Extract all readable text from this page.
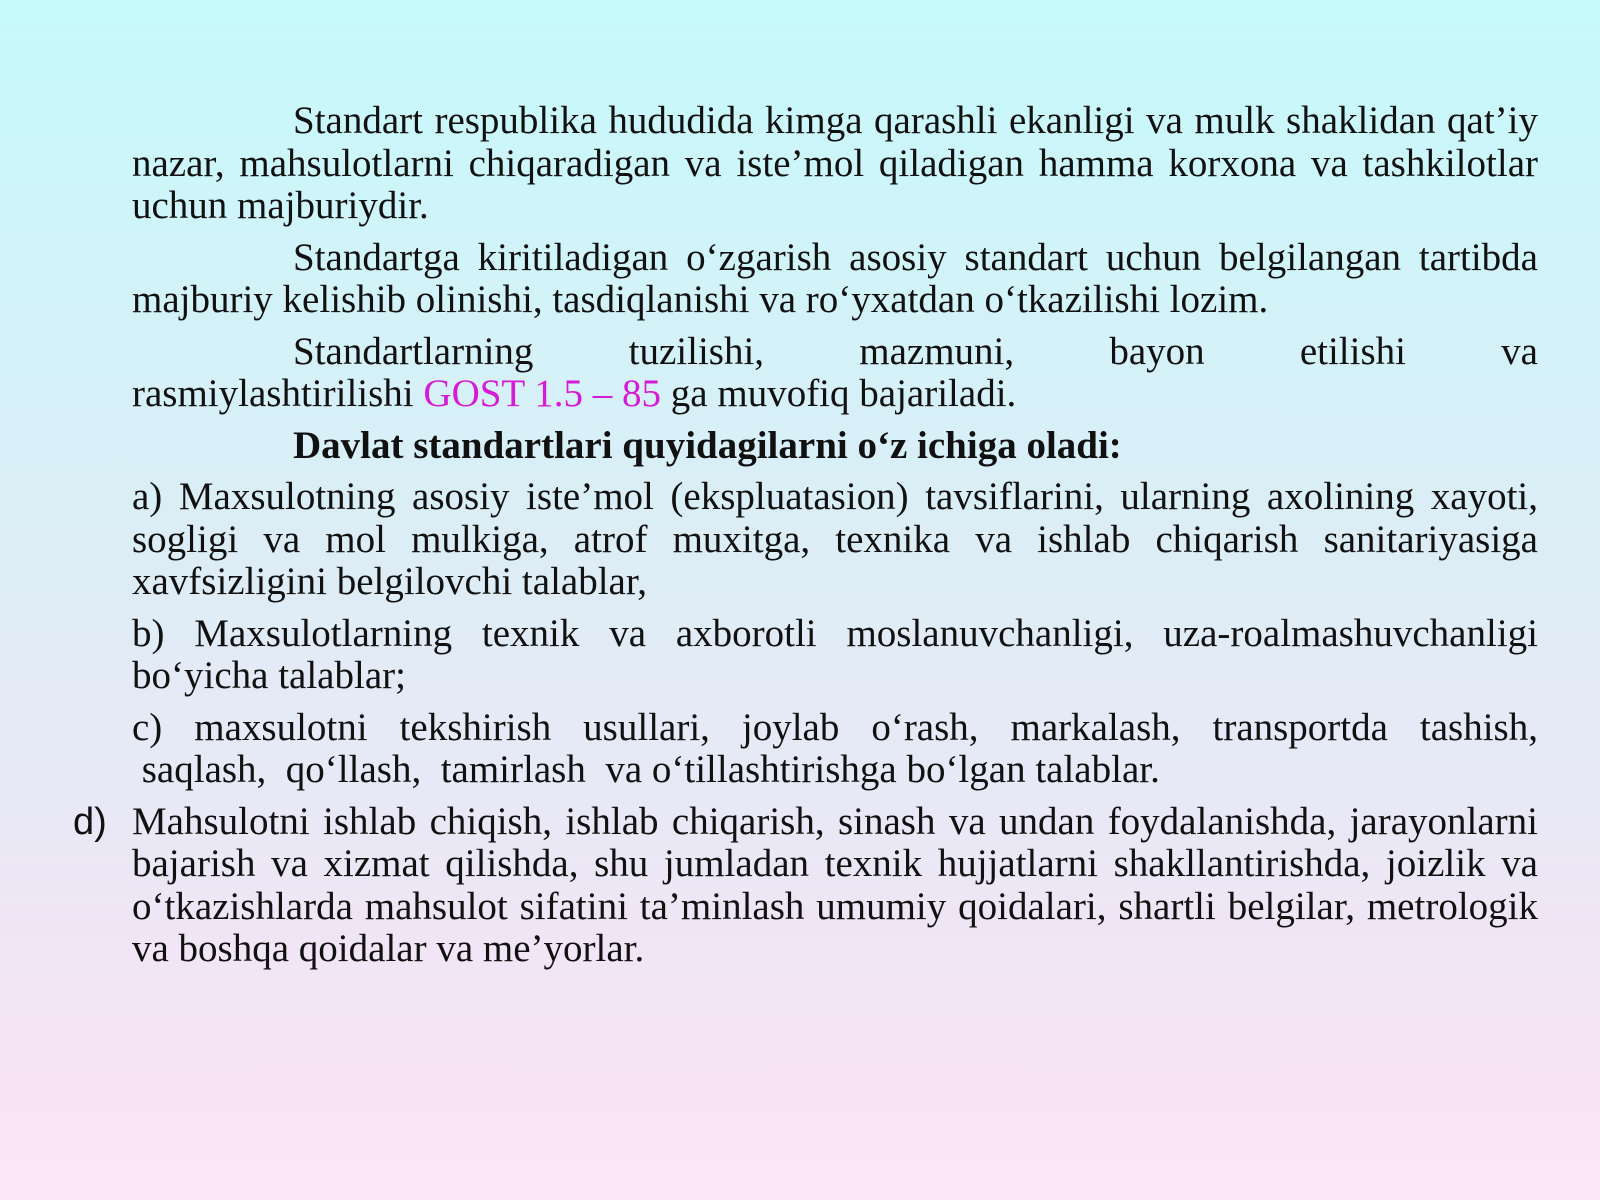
Standart respublika hududida kimga qarashli ekanligi va mulk shaklidan qat’iy nazar, mahsulotlarni chiqaradigan va iste’mol qiladigan hamma korxona va tashkilotlar uchun majburiydir.

Standartga kiritiladigan o‘zgarish asosiy standart uchun belgilangan tartibda majburiy kelishib olinishi, tasdiqlanishi va ro‘yxatdan o‘tkazilishi lozim.

Standartlarning tuzilishi, mazmuni, bayon etilishi va
rasmiylashtirilishi GOST 1.5 – 85 ga muvofiq bajariladi.

Davlat standartlari quyidagilarni o‘z ichiga oladi:

a) Maxsulotning asosiy iste’mol (ekspluatasion) tavsiflarini, ularning axolining xayoti, sogligi va mol mulkiga, atrof muxitga, texnika va ishlab chiqarish sanitariyasiga xavfsizligini belgilovchi talablar,

b) Maxsulotlarning texnik va axborotli moslanuvchanligi, uza-roalmashuvchanligi bo‘yicha talablar;

c) maxsulotni tekshirish usullari, joylab o‘rash, markalash, transportda tashish,
saqlash,  qo‘llash,  tamirlash  va o‘tillashtirishga bo‘lgan talablar.

d) Mahsulotni ishlab chiqish, ishlab chiqarish, sinash va undan foydalanishda, jarayonlarni bajarish va xizmat qilishda, shu jumladan texnik hujjatlarni shakllantirishda, joizlik va o‘tkazishlarda mahsulot sifatini ta’minlash umumiy qoidalari, shartli belgilar, metrologik va boshqa qoidalar va me’yorlar.
